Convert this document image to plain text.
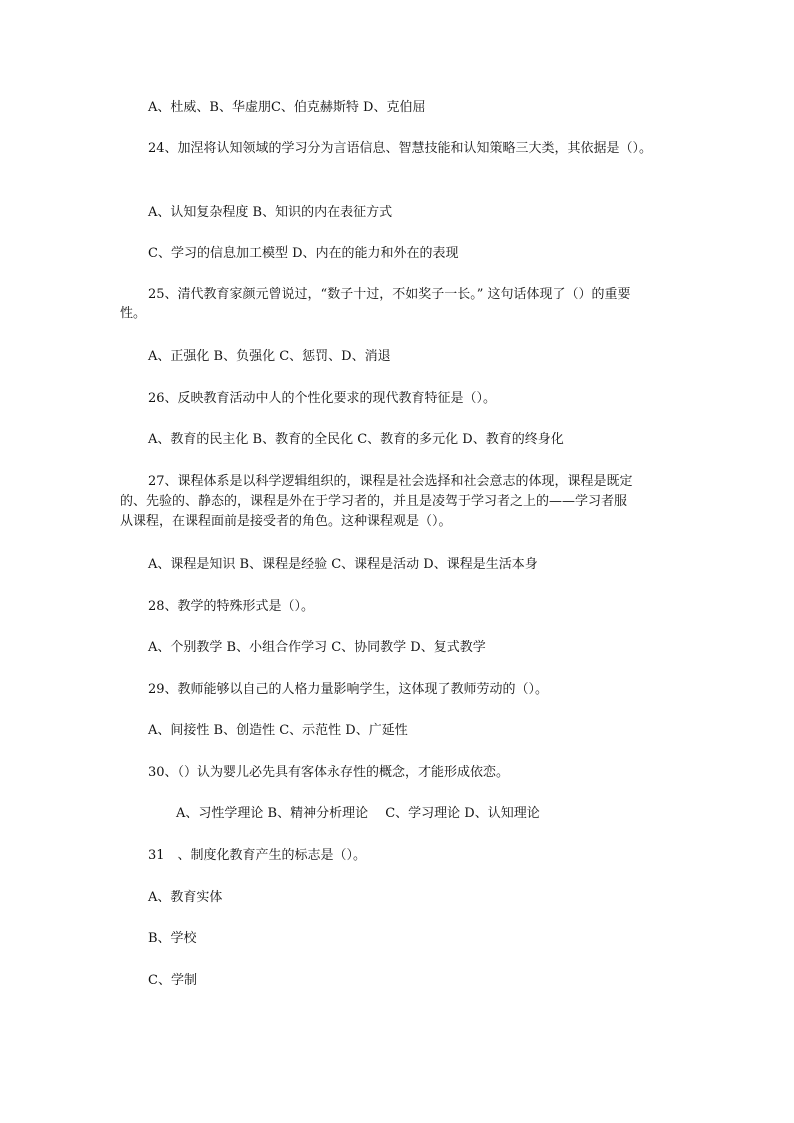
A、杜威、B、华虚朋C、伯克赫斯特 D、克伯屈

24、加涅将认知领域的学习分为言语信息、智慧技能和认知策略三大类，其依据是（）。

A、认知复杂程度 B、知识的内在表征方式

C、学习的信息加工模型 D、内在的能力和外在的表现

25、清代教育家颜元曾说过，“数子十过，不如奖子一长。” 这句话体现了（）的重要

性。

A、正强化 B、负强化 C、惩罚、D、消退

26、反映教育活动中人的个性化要求的现代教育特征是（）。

A、教育的民主化 B、教育的全民化 C、教育的多元化 D、教育的终身化

27、课程体系是以科学逻辑组织的，课程是社会选择和社会意志的体现，课程是既定

的、先验的、静态的，课程是外在于学习者的，并且是凌驾于学习者之上的——学习者服

从课程，在课程面前是接受者的角色。这种课程观是（）。

A、课程是知识 B、课程是经验 C、课程是活动 D、课程是生活本身

28、教学的特殊形式是（）。

A、个别教学 B、小组合作学习 C、协同教学 D、复式教学

29、教师能够以自己的人格力量影响学生，这体现了教师劳动的（）。

A、间接性 B、创造性 C、示范性 D、广延性

30、（）认为婴儿必先具有客体永存性的概念，才能形成依恋。

A、习性学理论 B、精神分析理论　 C、学习理论 D、认知理论

31　、制度化教育产生的标志是（）。

A、教育实体

B、学校

C、学制
